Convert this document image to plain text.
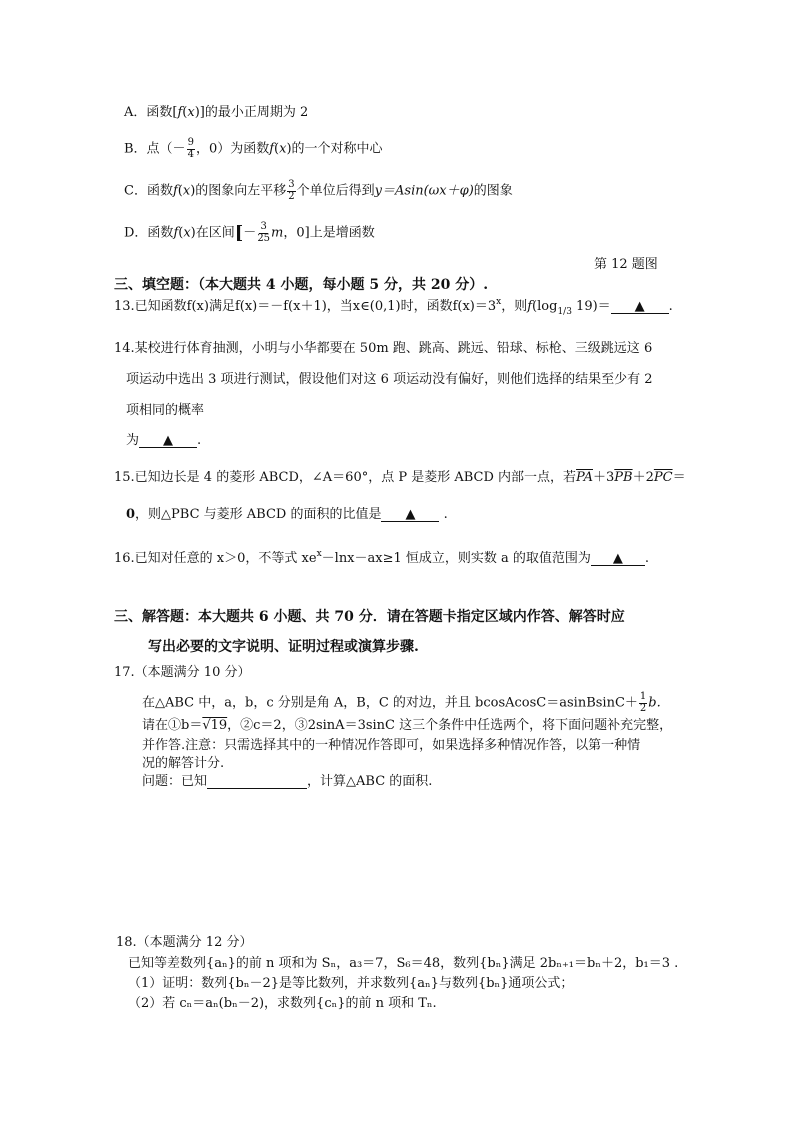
A．函数[f(x)]的最小正周期为 2
B．点（－ $\frac{9}{4}$ ，0）为函数f(x)的一个对称中心
C．函数f(x)的图象向左平移 $\frac{3}{2}$ 个单位后得到y＝Asin(ωx＋φ)的图象
D．函数f(x)在区间[－ $\frac{3}{25}$ m，0]上是增函数
第 12 题图
三、填空题：（本大题共 4 小题，每小题 5 分，共 20 分）.
13.已知函数f(x)满足f(x)＝－f(x＋1)，当x∈(0,1)时，函数$f(x)=3^x$，则$f(\log_{1/3}$ 19)＝ ▲ .
14.某校进行体育抽测，小明与小华都要在 50m 跑、跳高、跳远、铅球、标枪、三级跳远这 6
项运动中选出 3 项进行测试，假设他们对这 6 项运动没有偏好，则他们选择的结果至少有 2
项相同的概率
为 ▲ .
15.已知边长是 4 的菱形 ABCD，∠A＝60°，点 P 是菱形 ABCD 内部一点，若$\overline{PA}+3\overline{PB}+2\overline{PC}=$
0，则△PBC 与菱形 ABCD 的面积的比值是 ▲ .
16.已知对任意的 x＞0，不等式 $xe^x-\ln x-ax\ge 1$ 恒成立，则实数 a 的取值范围为 ▲ .
三、解答题：本大题共 6 小题、共 70 分．请在答题卡指定区域内作答、解答时应
写出必要的文字说明、证明过程或演算步骤.
17.（本题满分 10 分）
在△ABC 中，a，b，c 分别是角 A，B，C 的对边，并且 bcosAcosC＝asinBsinC＋ $\frac{1}{2} b$.
请在①b＝√19，②c＝2，③2sinA＝3sinC 这三个条件中任选两个，将下面问题补充完整，
并作答.注意：只需选择其中的一种情况作答即可，如果选择多种情况作答，以第一种情
况的解答计分.
问题：已知	，计算△ABC 的面积.
18.（本题满分 12 分）
已知等差数列{aₙ}的前 n 项和为 Sₙ，a₃＝7，S₆＝48，数列{bₙ}满足 2bₙ₊₁＝bₙ＋2，b₁＝3 .
（1）证明：数列{bₙ－2}是等比数列，并求数列{aₙ}与数列{bₙ}通项公式；
（2）若 cₙ＝aₙ(bₙ－2)，求数列{cₙ}的前 n 项和 Tₙ.
